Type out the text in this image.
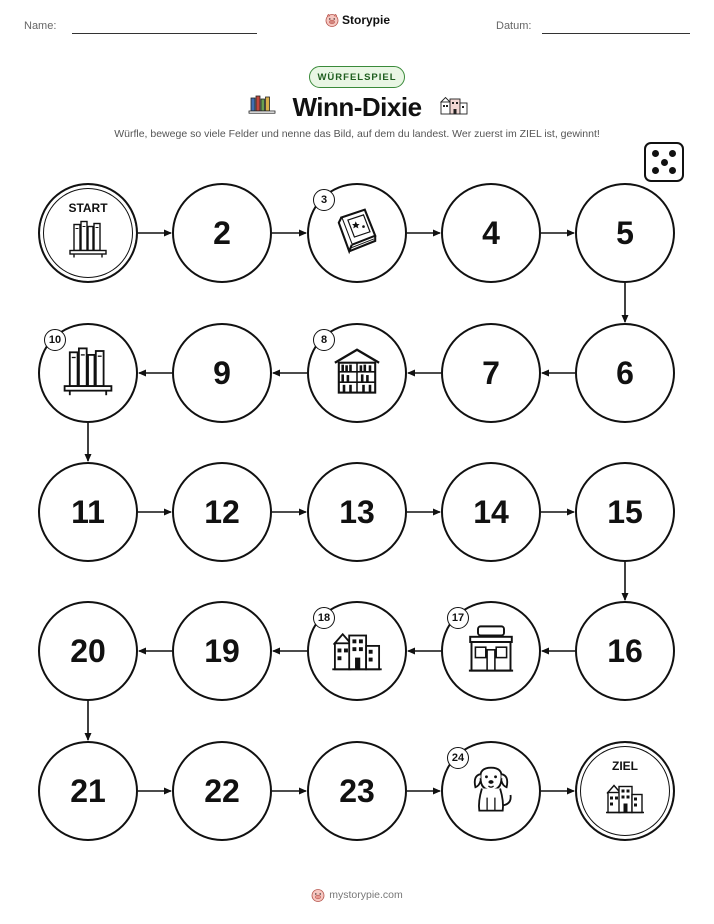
Name:	Storypie	Datum:
WÜRFELSPIEL
Winn-Dixie
Würfle, bewege so viele Felder und nenne das Bild, auf dem du landest. Wer zuerst im ZIEL ist, gewinnt!
START
2
3
4	5
6
7
8
9
10
11	12	13	14	15
16
17
18
19
20
21	22	23
24
ZIEL
mystorypie.com
